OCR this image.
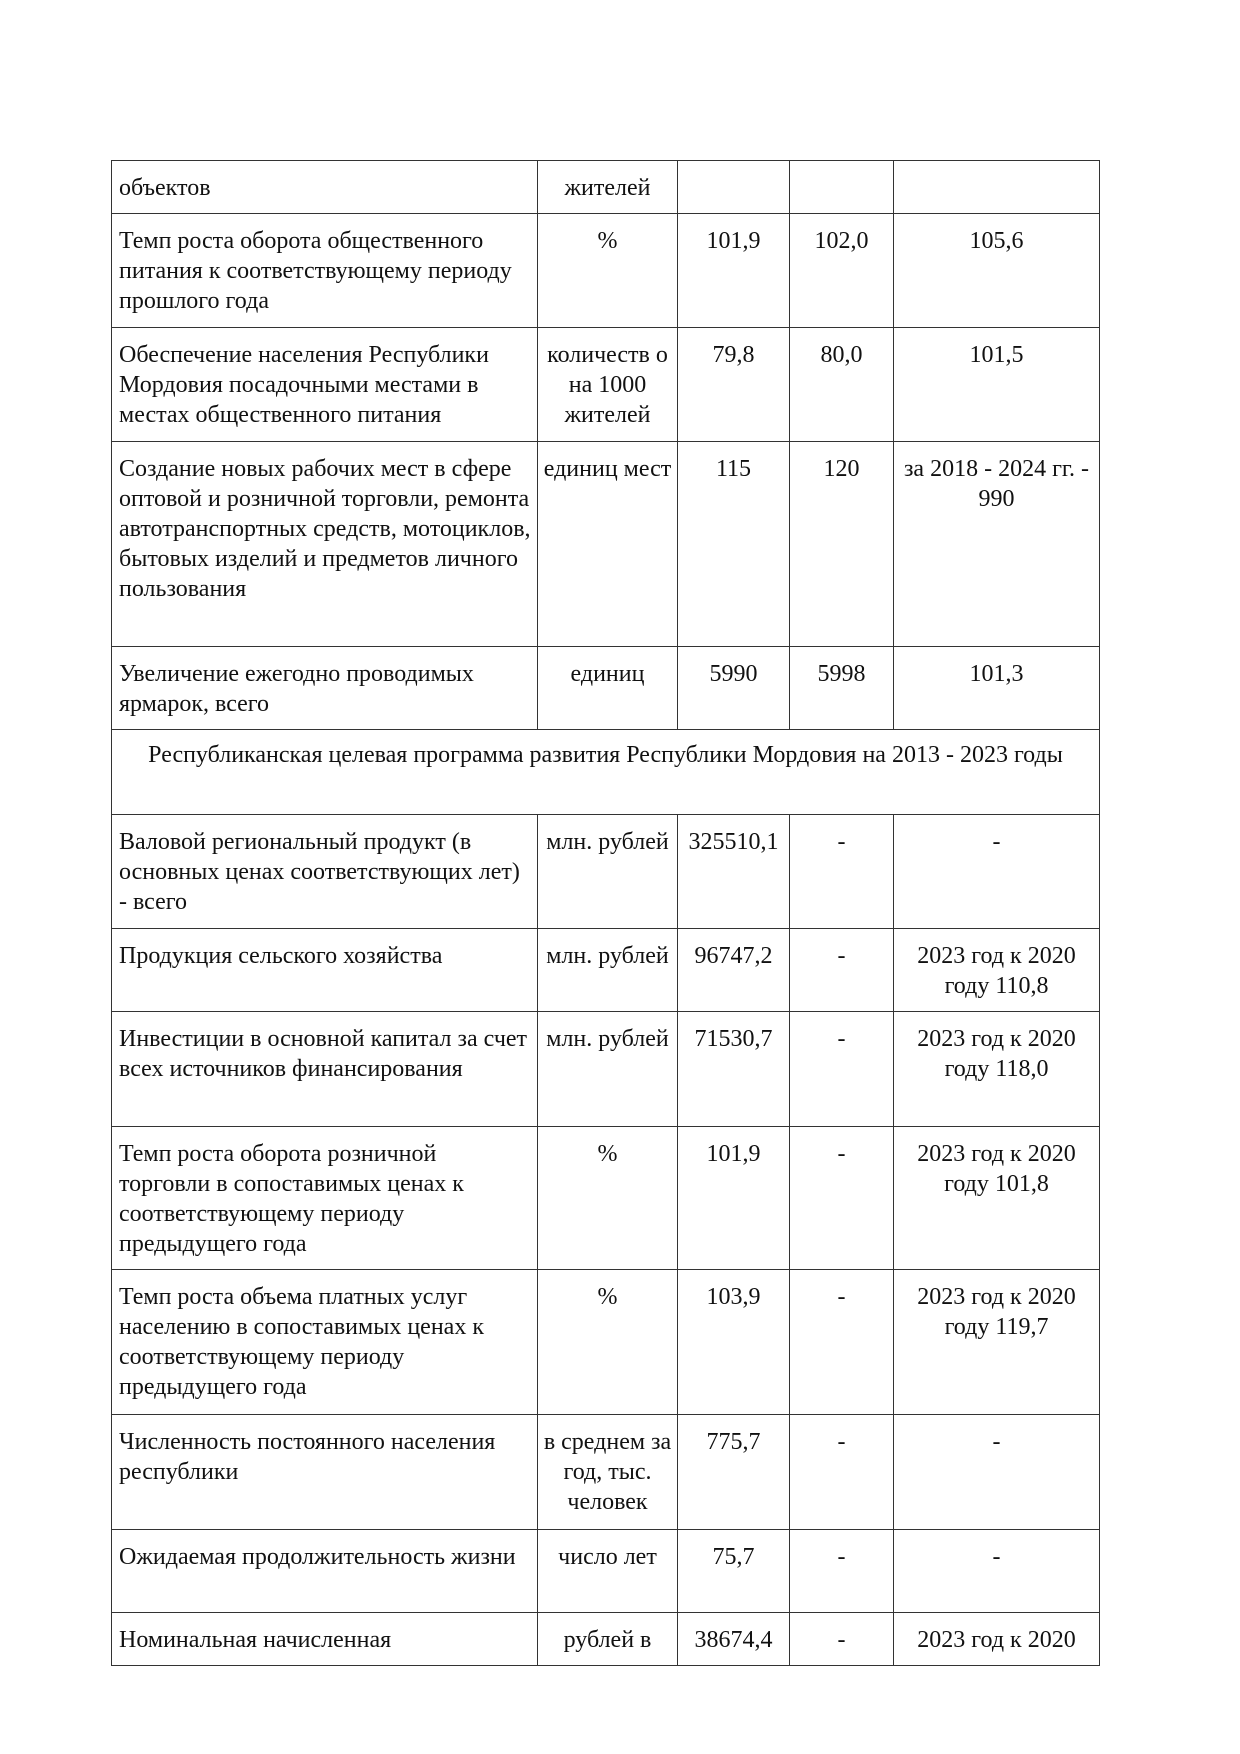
объектов	жителей			
Темп роста оборота общественного питания к соответствующему периоду прошлого года	%	101,9	102,0	105,6
Обеспечение населения Республики Мордовия посадочными местами в местах общественного питания	количеств о на 1000 жителей	79,8	80,0	101,5
Создание новых рабочих мест в сфере оптовой и розничной торговли, ремонта автотранспортных средств, мотоциклов, бытовых изделий и предметов личного пользования	единиц мест	115	120	за 2018 - 2024 гг. - 990
Увеличение ежегодно проводимых ярмарок, всего	единиц	5990	5998	101,3
Республиканская целевая программа развития Республики Мордовия на 2013 - 2023 годы				
Валовой региональный продукт (в основных ценах соответствующих лет) - всего	млн. рублей	325510,1	-	-
Продукция сельского хозяйства	млн. рублей	96747,2	-	2023 год к 2020 году 110,8
Инвестиции в основной капитал за счет всех источников финансирования	млн. рублей	71530,7	-	2023 год к 2020 году 118,0
Темп роста оборота розничной торговли в сопоставимых ценах к соответствующему периоду предыдущего года	%	101,9	-	2023 год к 2020 году 101,8
Темп роста объема платных услуг населению в сопоставимых ценах к соответствующему периоду предыдущего года	%	103,9	-	2023 год к 2020 году 119,7
Численность постоянного населения республики	в среднем за год, тыс. человек	775,7	-	-
Ожидаемая продолжительность жизни	число лет	75,7	-	-
Номинальная начисленная	рублей в	38674,4	-	2023 год к 2020
